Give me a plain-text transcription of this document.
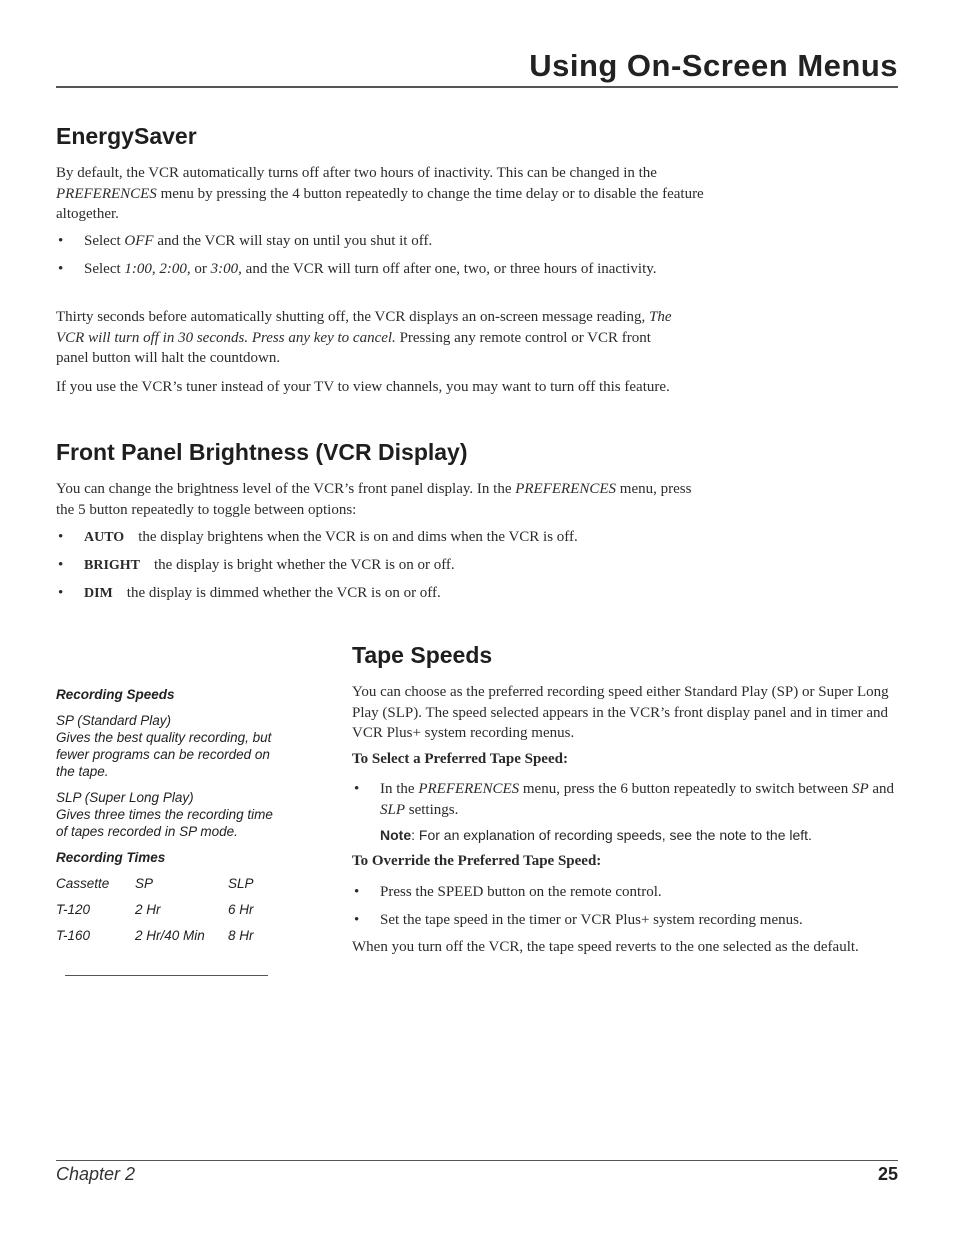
Using On-Screen Menus
EnergySaver

By default, the VCR automatically turns off after two hours of inactivity. This can be changed in the PREFERENCES menu by pressing the 4 button repeatedly to change the time delay or to disable the feature altogether.

• Select OFF and the VCR will stay on until you shut it off.
• Select 1:00, 2:00, or 3:00, and the VCR will turn off after one, two, or three hours of inactivity.

Thirty seconds before automatically shutting off, the VCR displays an on-screen message reading, The VCR will turn off in 30 seconds. Press any key to cancel. Pressing any remote control or VCR front panel button will halt the countdown.

If you use the VCR’s tuner instead of your TV to view channels, you may want to turn off this feature.

Front Panel Brightness (VCR Display)

You can change the brightness level of the VCR’s front panel display. In the PREFERENCES menu, press the 5 button repeatedly to toggle between options:

• AUTO the display brightens when the VCR is on and dims when the VCR is off.
• BRIGHT the display is bright whether the VCR is on or off.
• DIM the display is dimmed whether the VCR is on or off.
Tape Speeds

You can choose as the preferred recording speed either Standard Play (SP) or Super Long Play (SLP). The speed selected appears in the VCR’s front display panel and in timer and VCR Plus+ system recording menus.

To Select a Preferred Tape Speed:

• In the PREFERENCES menu, press the 6 button repeatedly to switch between SP and SLP settings.

Note: For an explanation of recording speeds, see the note to the left.

To Override the Preferred Tape Speed:

• Press the SPEED button on the remote control.
• Set the tape speed in the timer or VCR Plus+ system recording menus.

When you turn off the VCR, the tape speed reverts to the one selected as the default.

Recording Speeds

SP (Standard Play)
Gives the best quality recording, but fewer programs can be recorded on the tape.

SLP (Super Long Play)
Gives three times the recording time of tapes recorded in SP mode.

Recording Times

Cassette	SP	SLP
T-120	2 Hr	6 Hr
T-160	2 Hr/40 Min	8 Hr
Chapter 2	25
